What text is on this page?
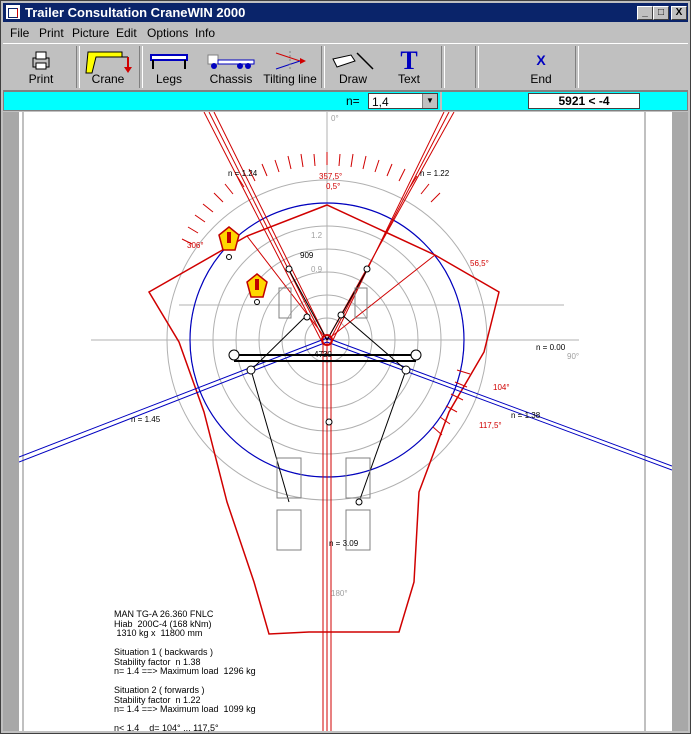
Trailer Consultation CraneWIN 2000	_	□	X
File Print Picture Edit Options Info
Print	Crane	Legs	Chassis Tilting line	Draw
T
Text
X
End
n= 1,4	▼	5921 < -4
0°
90°
180°
n = 1.24	n = 1.22
n = 0.00
n = 1.45	n = 1.38
n = 3.09
357,5°
0,5°
306°
56,5°
104°
117,5°
909
4730
1.2
0.9
MAN TG-A 26.360 FNLC
Hiab  200C-4 (168 kNm)
1310 kg x  11800 mm

Situation 1 ( backwards )
Stability factor  n 1.38
n= 1.4 ==> Maximum load  1296 kg

Situation 2 ( forwards )
Stability factor  n 1.22
n= 1.4 ==> Maximum load  1099 kg

n< 1.4    d= 104° ... 117,5°
